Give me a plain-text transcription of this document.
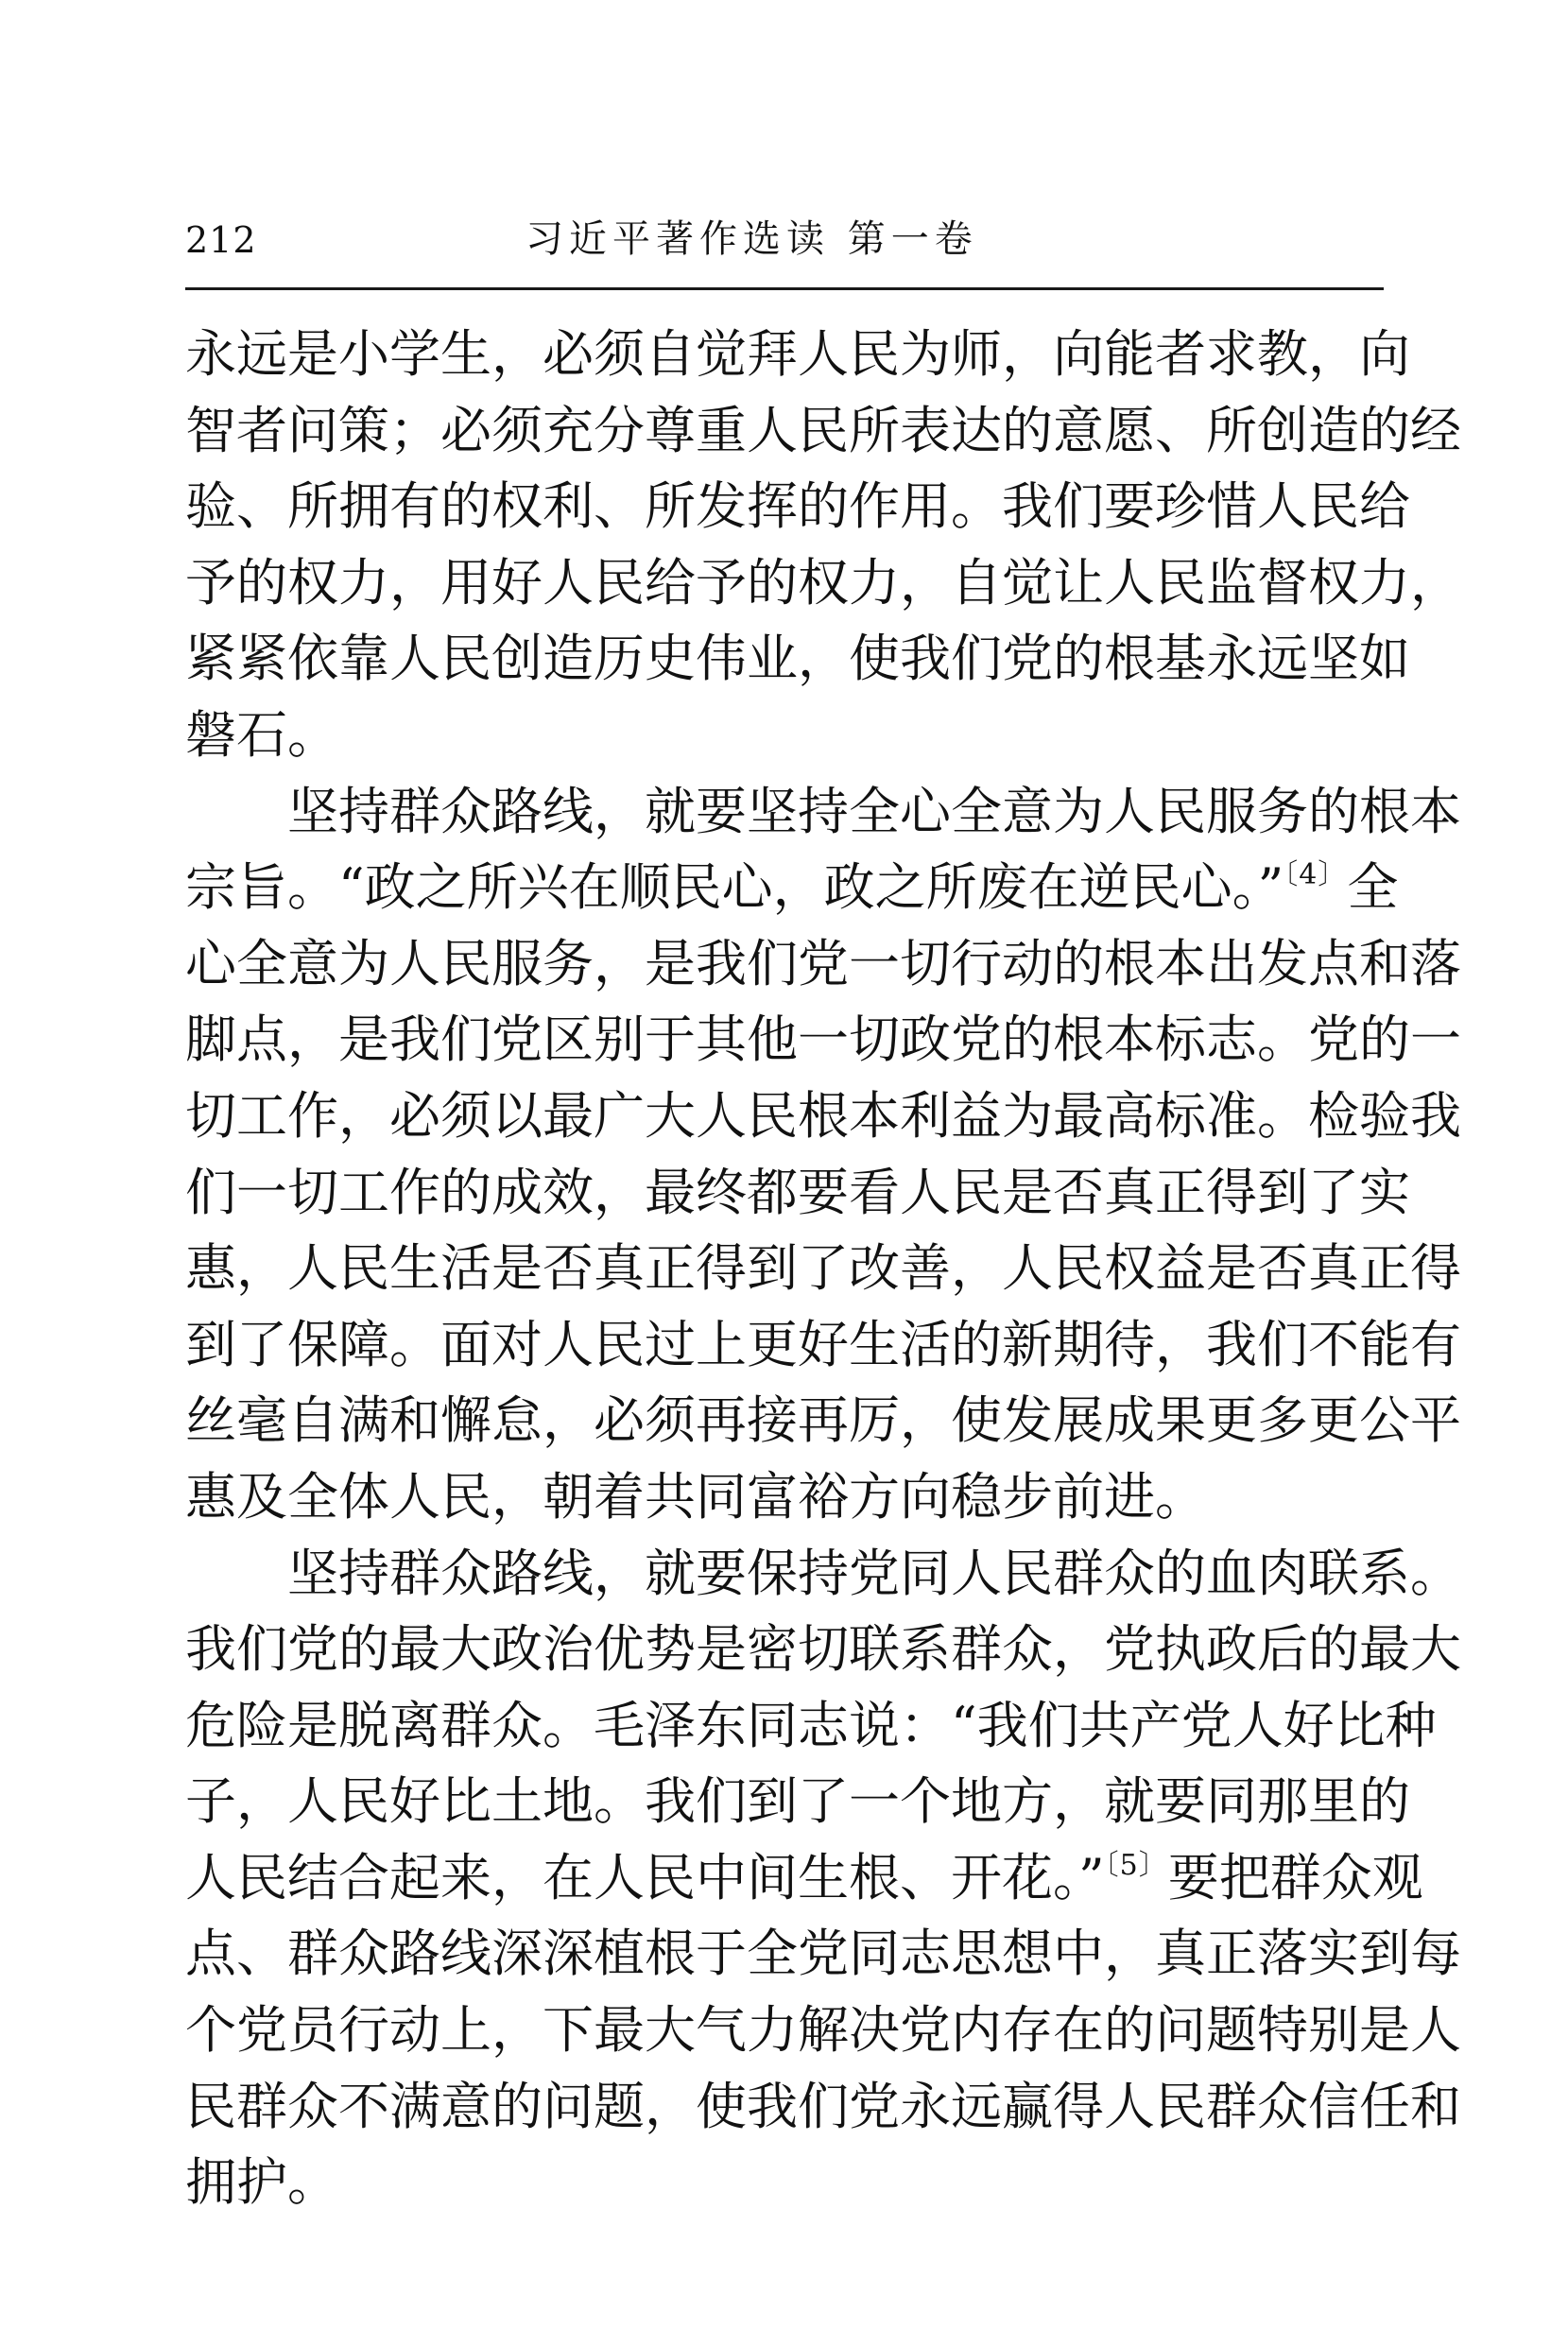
212	习近平著作选读 第一卷
永远是小学生，必须自觉拜人民为师，向能者求教，向
智者问策；必须充分尊重人民所表达的意愿、所创造的经
验、所拥有的权利、所发挥的作用。我们要珍惜人民给
予的权力，用好人民给予的权力，自觉让人民监督权力，
紧紧依靠人民创造历史伟业，使我们党的根基永远坚如
磐石。
坚持群众路线，就要坚持全心全意为人民服务的根本
宗旨。“政之所兴在顺民心，政之所废在逆民心。”$^{〔4〕}$全
心全意为人民服务，是我们党一切行动的根本出发点和落
脚点，是我们党区别于其他一切政党的根本标志。党的一
切工作，必须以最广大人民根本利益为最高标准。检验我
们一切工作的成效，最终都要看人民是否真正得到了实
惠，人民生活是否真正得到了改善，人民权益是否真正得
到了保障。面对人民过上更好生活的新期待，我们不能有
丝毫自满和懈怠，必须再接再厉，使发展成果更多更公平
惠及全体人民，朝着共同富裕方向稳步前进。
坚持群众路线，就要保持党同人民群众的血肉联系。
我们党的最大政治优势是密切联系群众，党执政后的最大
危险是脱离群众。毛泽东同志说：“我们共产党人好比种
子，人民好比土地。我们到了一个地方，就要同那里的
人民结合起来，在人民中间生根、开花。”$^{〔5〕}$要把群众观
点、群众路线深深植根于全党同志思想中，真正落实到每
个党员行动上，下最大气力解决党内存在的问题特别是人
民群众不满意的问题，使我们党永远赢得人民群众信任和
拥护。
